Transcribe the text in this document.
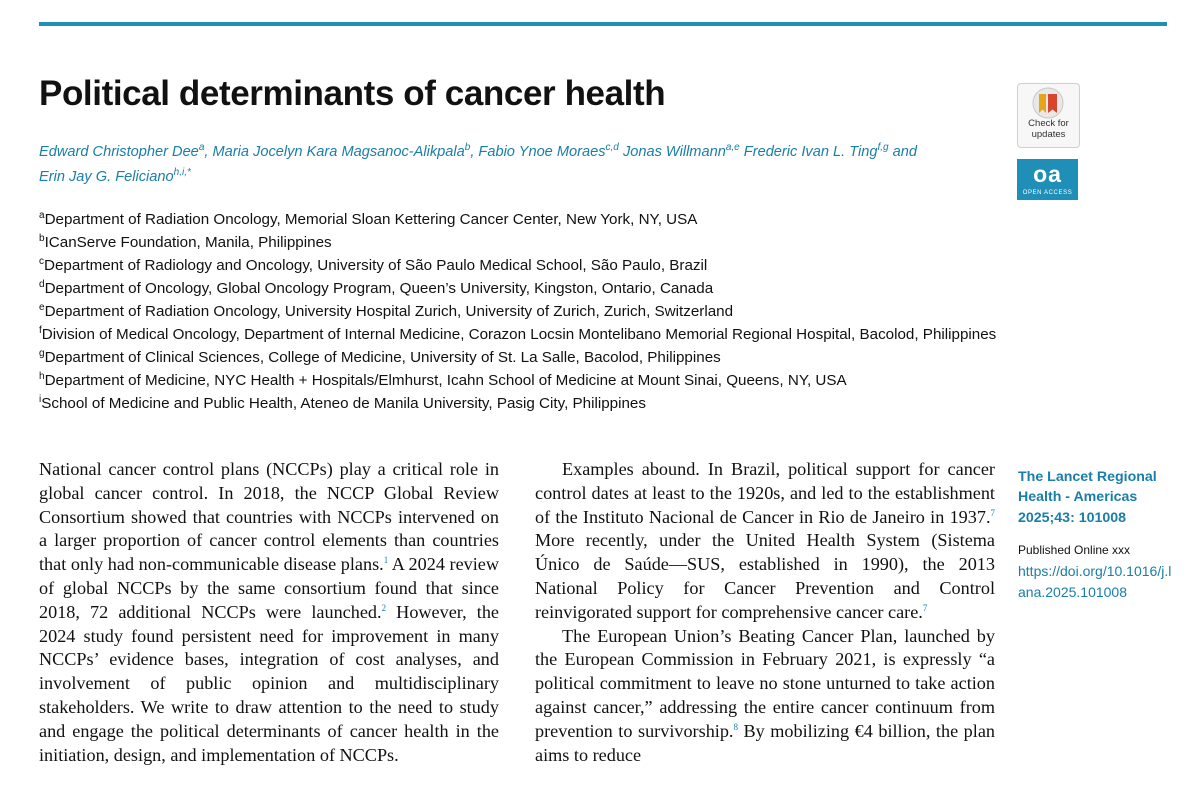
Political determinants of cancer health
Edward Christopher Dee$^a$, Maria Jocelyn Kara Magsanoc-Alikpala$^b$, Fabio Ynoe Moraes$^{c,d}$ Jonas Willmann$^{a,e}$ Frederic Ivan L. Ting$^{f,g}$ and
Erin Jay G. Feliciano$^{h,i,*}$
$^a$Department of Radiation Oncology, Memorial Sloan Kettering Cancer Center, New York, NY, USA
$^b$ICanServe Foundation, Manila, Philippines
$^c$Department of Radiology and Oncology, University of São Paulo Medical School, São Paulo, Brazil
$^d$Department of Oncology, Global Oncology Program, Queen’s University, Kingston, Ontario, Canada
$^e$Department of Radiation Oncology, University Hospital Zurich, University of Zurich, Zurich, Switzerland
$^f$Division of Medical Oncology, Department of Internal Medicine, Corazon Locsin Montelibano Memorial Regional Hospital, Bacolod, Philippines
$^g$Department of Clinical Sciences, College of Medicine, University of St. La Salle, Bacolod, Philippines
$^h$Department of Medicine, NYC Health + Hospitals/Elmhurst, Icahn School of Medicine at Mount Sinai, Queens, NY, USA
$^i$School of Medicine and Public Health, Ateneo de Manila University, Pasig City, Philippines
Check for updates
oa
OPEN ACCESS

National cancer control plans (NCCPs) play a critical role in global cancer control. In 2018, the NCCP Global Review Consortium showed that countries with NCCPs intervened on a larger proportion of cancer control elements than countries that only had non-communicable disease plans.$^1$ A 2024 review of global NCCPs by the same consortium found that since 2018, 72 additional NCCPs were launched.$^2$ However, the 2024 study found persistent need for improvement in many NCCPs’ evidence bases, integration of cost analyses, and involvement of public opinion and multidisciplinary stakeholders. We write to draw attention to the need to study and engage the political determinants of cancer health in the initiation, design, and implementation of NCCPs.

Examples abound. In Brazil, political support for cancer control dates at least to the 1920s, and led to the establishment of the Instituto Nacional de Cancer in Rio de Janeiro in 1937.$^7$ More recently, under the United Health System (Sistema Único de Saúde—SUS, established in 1990), the 2013 National Policy for Cancer Prevention and Control reinvigorated support for comprehensive cancer care.$^7$

The European Union’s Beating Cancer Plan, launched by the European Commission in February 2021, is expressly “a political commitment to leave no stone unturned to take action against cancer,” addressing the entire cancer continuum from prevention to survivorship.$^8$ By mobilizing €4 billion, the plan aims to reduce

The Lancet Regional Health - Americas 2025;43: 101008
Published Online xxx
https://doi.org/10.1016/j.lana.2025.101008
